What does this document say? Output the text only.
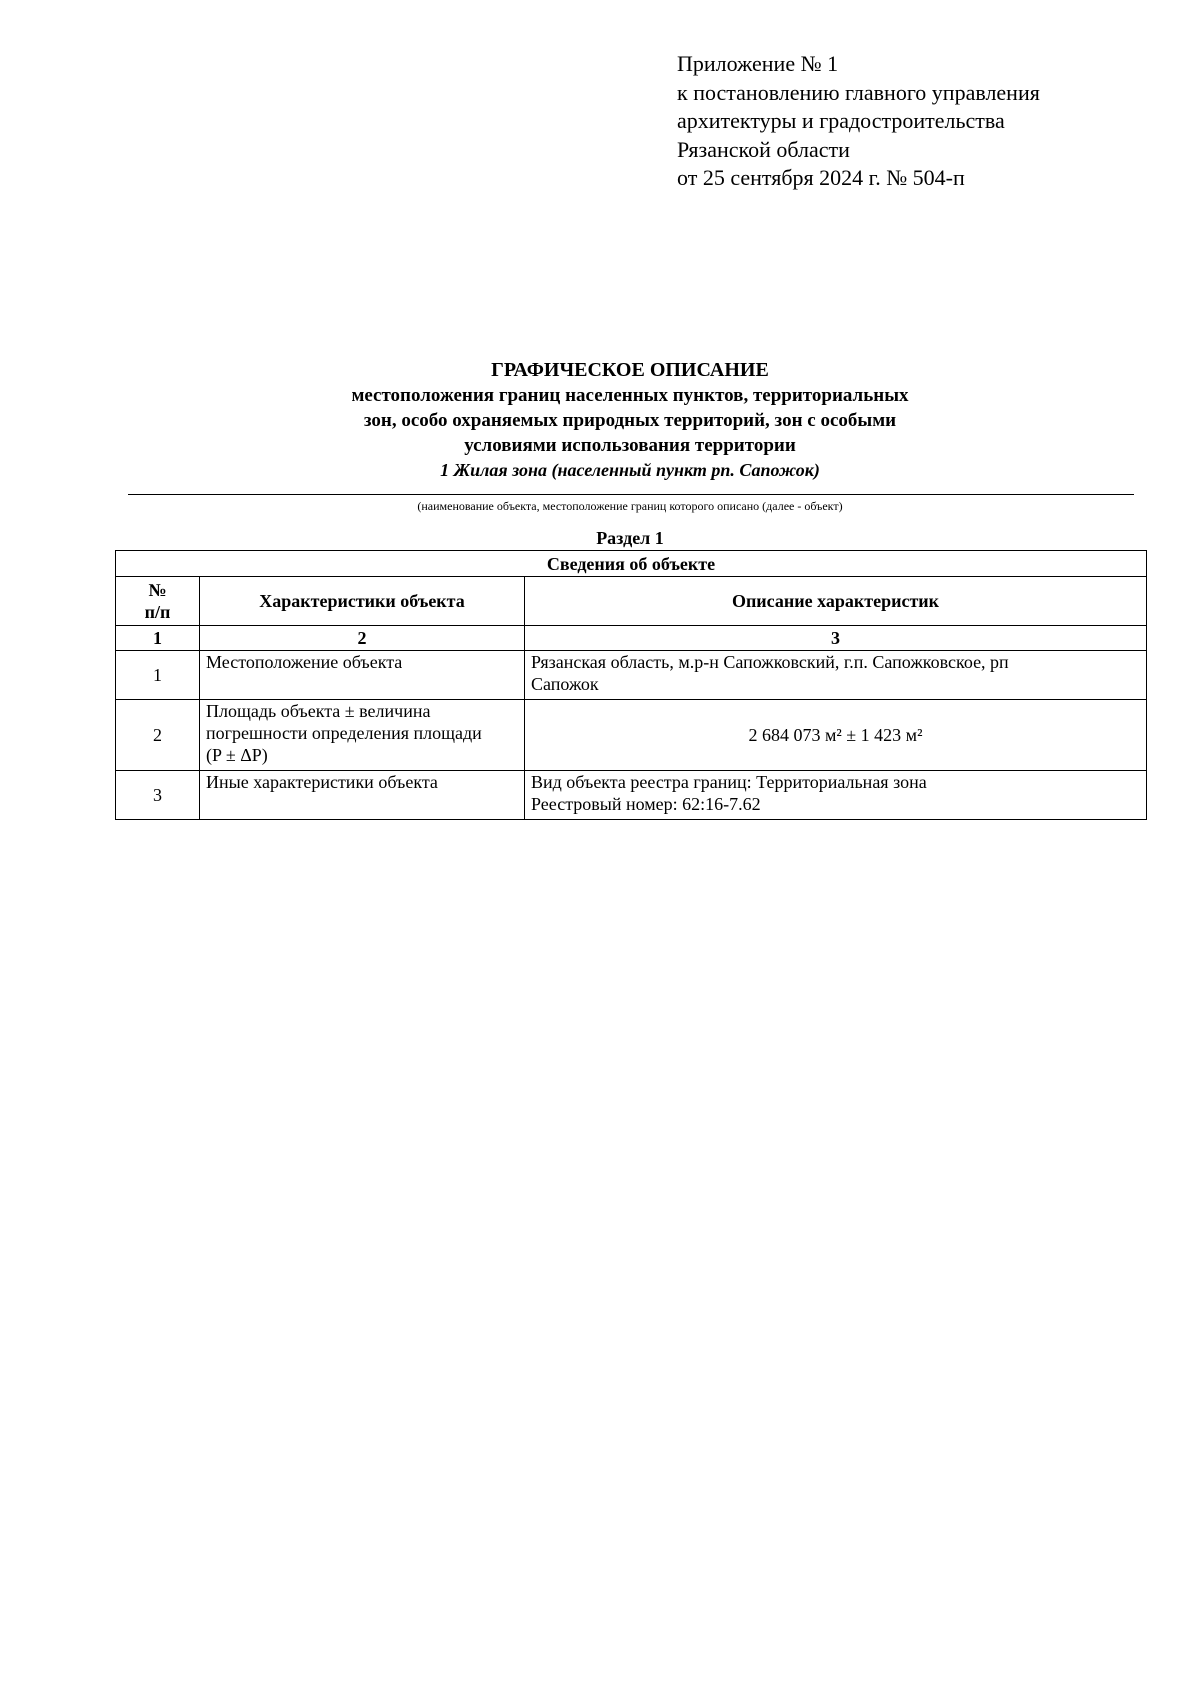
Приложение № 1
к постановлению главного управления
архитектуры и градостроительства
Рязанской области
от 25 сентября 2024 г. № 504-п
ГРАФИЧЕСКОЕ ОПИСАНИЕ
местоположения границ населенных пунктов, территориальных
зон, особо охраняемых природных территорий, зон с особыми
условиями использования территории
1 Жилая зона (населенный пункт рп. Сапожок)
(наименование объекта, местоположение границ которого описано (далее - объект)
Раздел 1
Сведения об объекте		

№
п/п	Характеристики объекта	Описание характеристик
1	2	3
1	Местоположение объекта	Рязанская область, м.р-н Сапожковский, г.п. Сапожковское, рп
Сапожок

2	Площадь объекта ± величина
погрешности определения площади
(P ± ΔP)	2 684 073 м² ± 1 423 м²

3	Иные характеристики объекта	Вид объекта реестра границ: Территориальная зона
Реестровый номер: 62:16-7.62
